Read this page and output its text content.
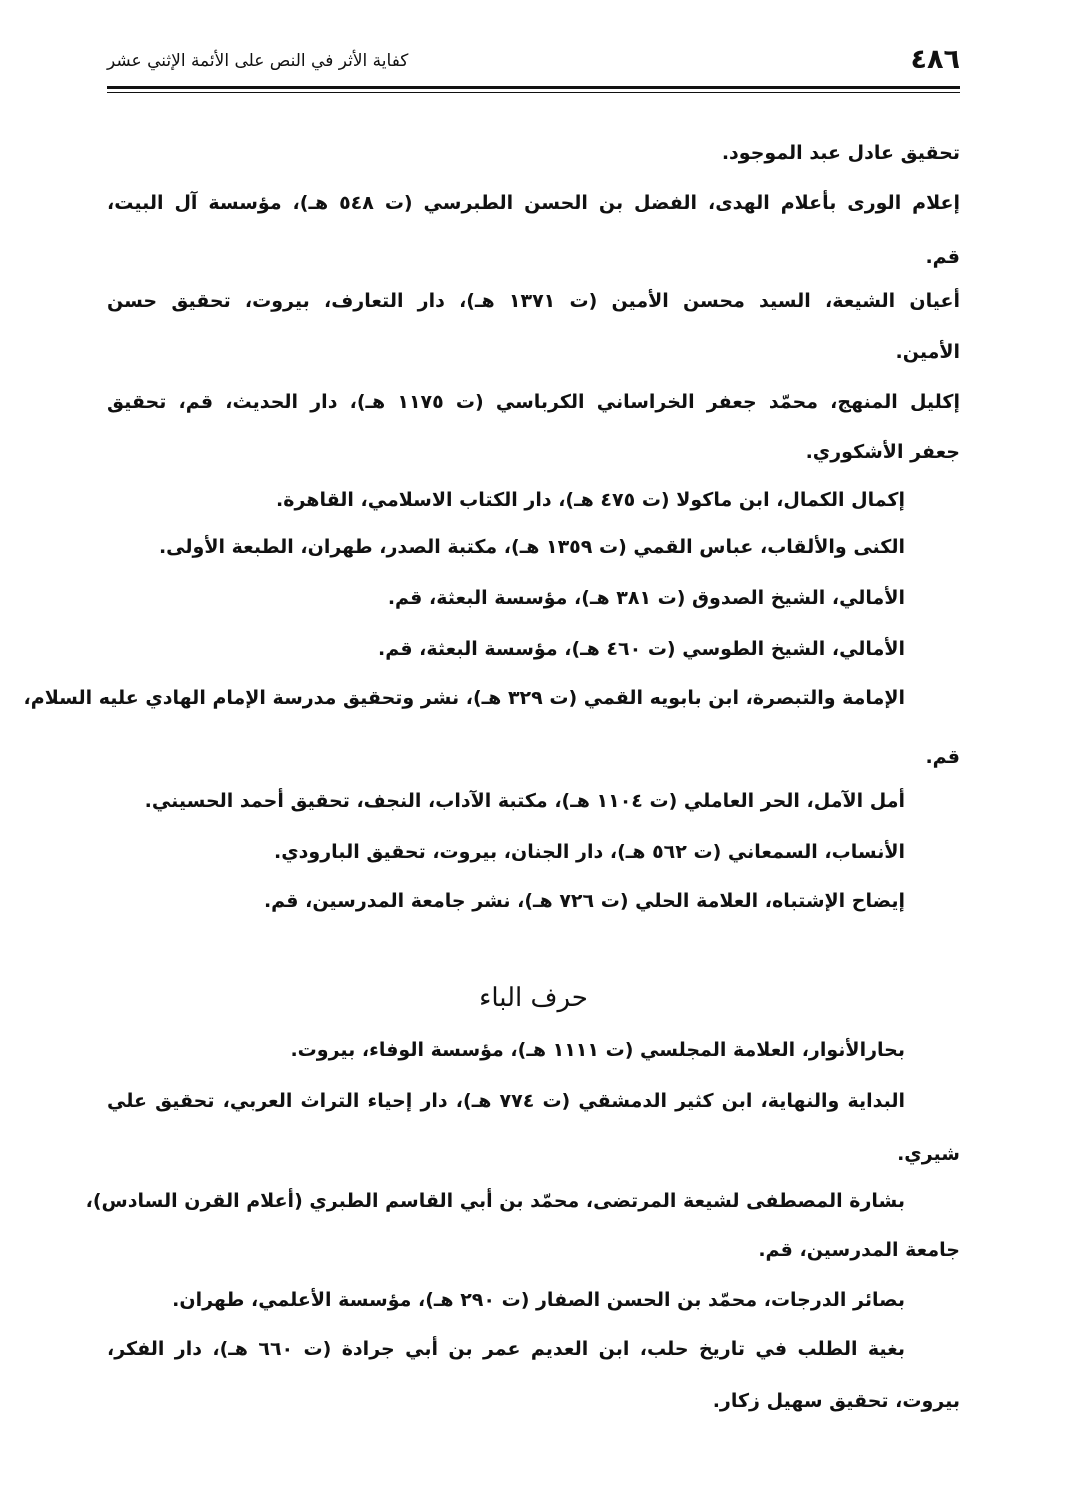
٤٨٦
كفاية الأثر في النص على الأئمة الإثني عشر
تحقيق عادل عبد الموجود.
إعلام الورى بأعلام الهدى، الفضل بن الحسن الطبرسي (ت ٥٤٨ هـ)، مؤسسة آل البيت،
قم.
أعيان الشيعة، السيد محسن الأمين (ت ١٣٧١ هـ)، دار التعارف، بيروت، تحقيق حسن
الأمين.
إكليل المنهج، محمّد جعفر الخراساني الكرباسي (ت ١١٧٥ هـ)، دار الحديث، قم، تحقيق
جعفر الأشكوري.
إكمال الكمال، ابن ماكولا (ت ٤٧٥ هـ)، دار الكتاب الاسلامي، القاهرة.
الكنى والألقاب، عباس القمي (ت ١٣٥٩ هـ)، مكتبة الصدر، طهران، الطبعة الأولى.
الأمالي، الشيخ الصدوق (ت ٣٨١ هـ)، مؤسسة البعثة، قم.
الأمالي، الشيخ الطوسي (ت ٤٦٠ هـ)، مؤسسة البعثة، قم.
الإمامة والتبصرة، ابن بابويه القمي (ت ٣٢٩ هـ)، نشر وتحقيق مدرسة الإمام الهادي عليه السلام،
قم.
أمل الآمل، الحر العاملي (ت ١١٠٤ هـ)، مكتبة الآداب، النجف، تحقيق أحمد الحسيني.
الأنساب، السمعاني (ت ٥٦٢ هـ)، دار الجنان، بيروت، تحقيق البارودي.
إيضاح الإشتباه، العلامة الحلي (ت ٧٢٦ هـ)، نشر جامعة المدرسين، قم.
حرف الباء
بحارالأنوار، العلامة المجلسي (ت ١١١١ هـ)، مؤسسة الوفاء، بيروت.
البداية والنهاية، ابن كثير الدمشقي (ت ٧٧٤ هـ)، دار إحياء التراث العربي، تحقيق علي
شيري.
بشارة المصطفى لشيعة المرتضى، محمّد بن أبي القاسم الطبري (أعلام القرن السادس)،
جامعة المدرسين، قم.
بصائر الدرجات، محمّد بن الحسن الصفار (ت ٢٩٠ هـ)، مؤسسة الأعلمي، طهران.
بغية الطلب في تاريخ حلب، ابن العديم عمر بن أبي جرادة (ت ٦٦٠ هـ)، دار الفكر،
بيروت، تحقيق سهيل زكار.
